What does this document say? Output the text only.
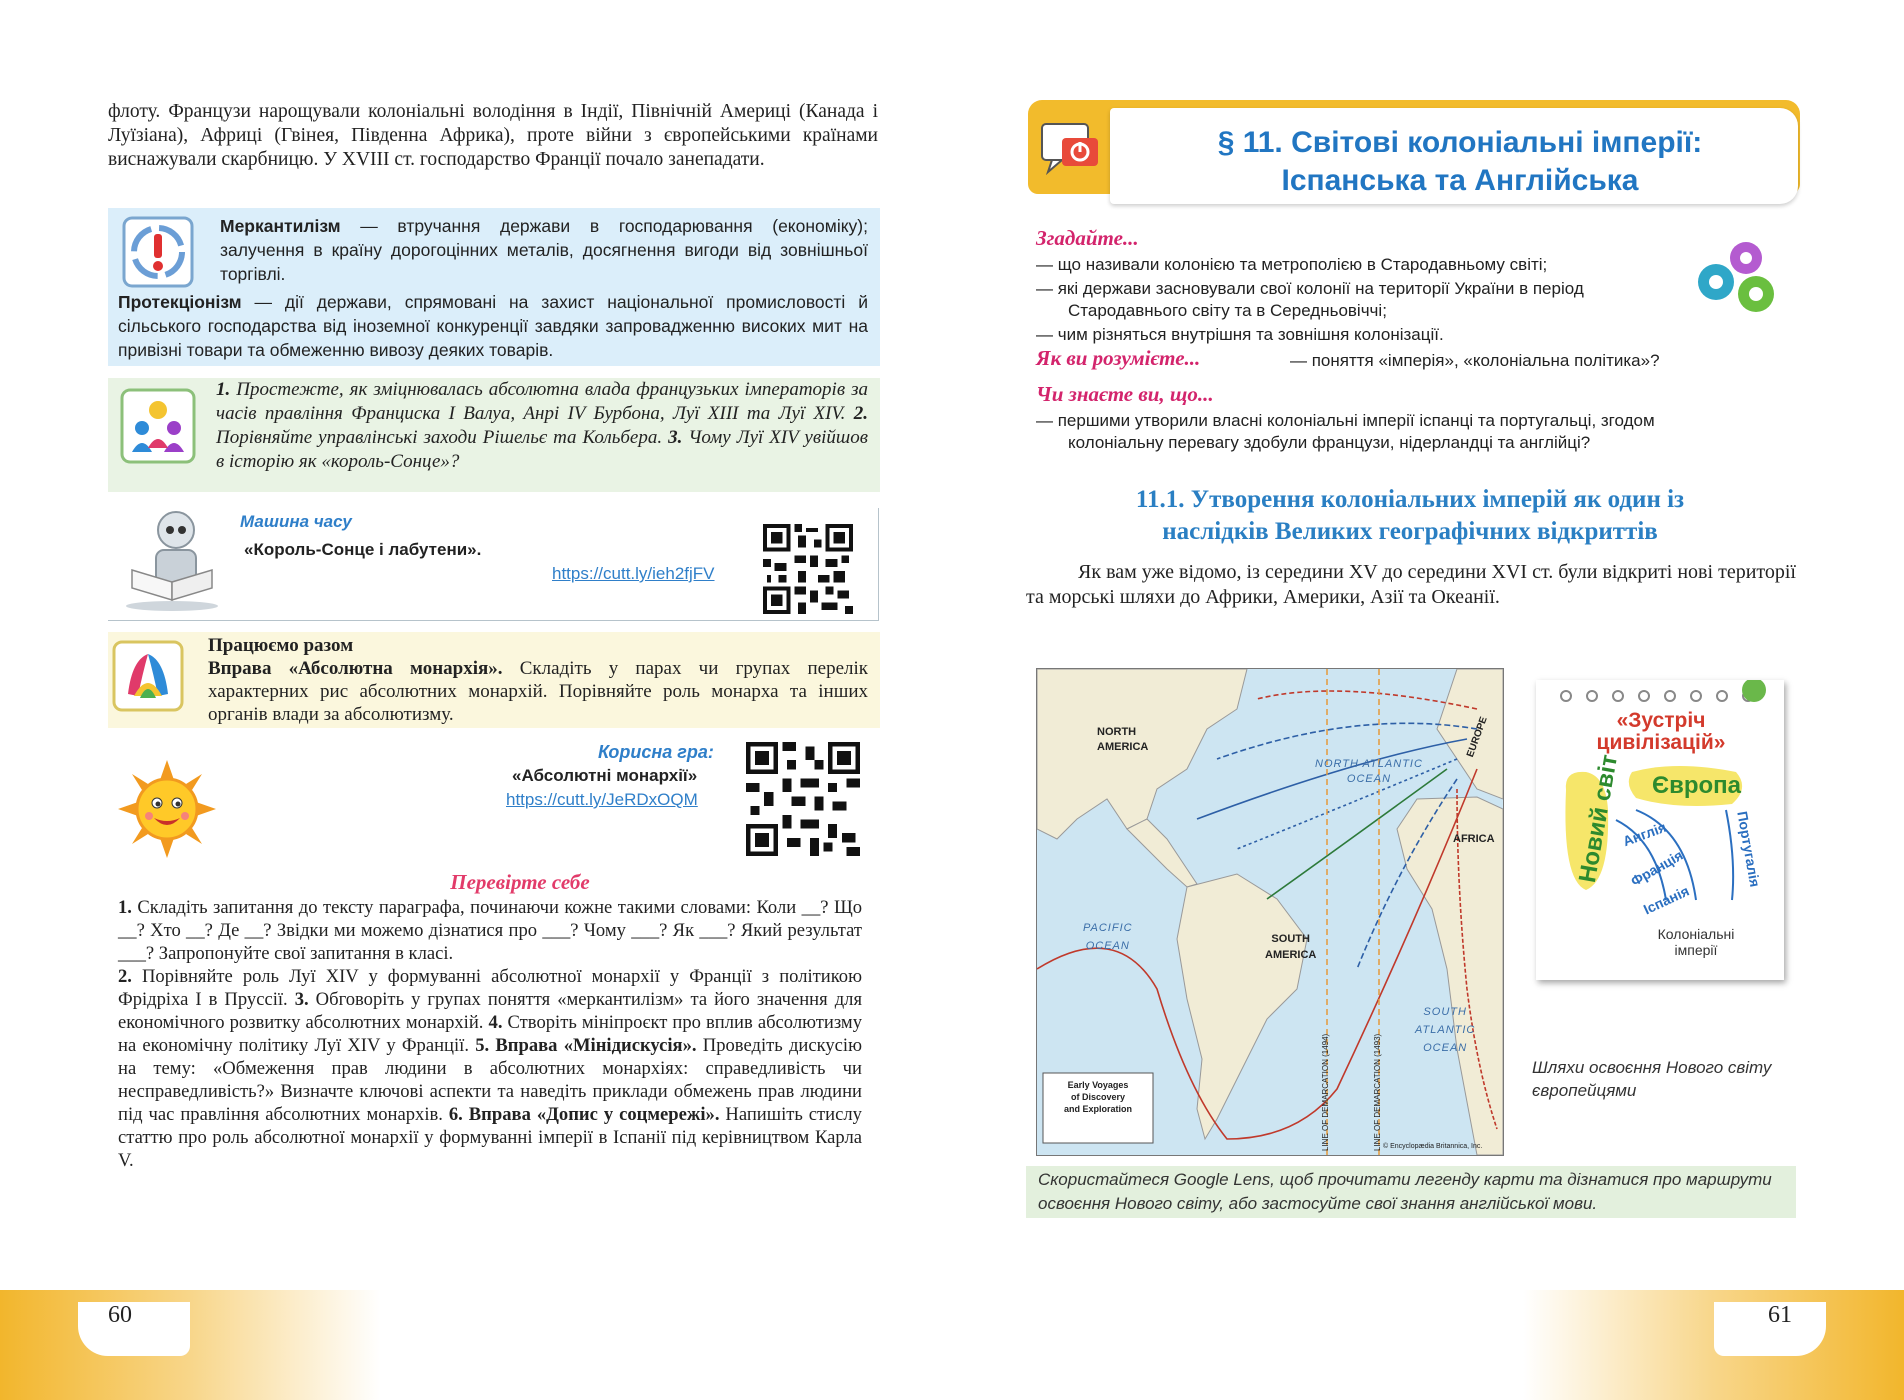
флоту. Французи нарощували колоніальні володіння в Індії, Північній Америці (Канада і Луїзіана), Африці (Гвінея, Південна Африка), проте війни з європейськими країнами виснажували скарбницю. У XVIII ст. господарство Франції почало занепадати.
Меркантилізм — втручання держави в господарювання (економіку); залучення в країну дорогоцінних металів, досягнення вигоди від зовнішньої торгівлі.
Протекціонізм — дії держави, спрямовані на захист національної промисловості й сільського господарства від іноземної конкуренції завдяки запровадженню високих мит на привізні товари та обмеженню вивозу деяких товарів.
1. Простежте, як зміцнювалась абсолютна влада французьких імператорів за часів правління Франциска I Валуа, Анрі IV Бурбона, Луї XIII та Луї XIV. 2. Порівняйте управлінські заходи Рішельє та Кольбера. 3. Чому Луї XIV увійшов в історію як «король-Сонце»?
Машина часу
«Король-Сонце і лабутени».
https://cutt.ly/ieh2fjFV
Працюємо разом
Вправа «Абсолютна монархія». Складіть у парах чи групах перелік характерних рис абсолютних монархій. Порівняйте роль монарха та інших органів влади за абсолютизму.
Корисна гра:
«Абсолютні монархії»
https://cutt.ly/JeRDxOQM
Перевірте себе
1. Складіть запитання до тексту параграфа, починаючи кожне такими словами: Коли __? Що __? Хто __? Де __? Звідки ми можемо дізнатися про ___? Чому ___? Як ___? Який результат ___? Запропонуйте свої запитання в класі.
2. Порівняйте роль Луї XIV у формуванні абсолютної монархії у Франції з політикою Фрідріха I в Пруссії. 3. Обговоріть у групах поняття «меркантилізм» та його значення для економічного розвитку абсолютних монархій. 4. Створіть мініпроєкт про вплив абсолютизму на економічну політику Луї XIV у Франції. 5. Вправа «Мінідискусія». Проведіть дискусію на тему: «Обмеження прав людини в абсолютних монархіях: справедливість чи несправедливість?» Визначте ключові аспекти та наведіть приклади обмежень прав людини під час правління абсолютних монархів. 6. Вправа «Допис у соцмережі». Напишіть стислу статтю про роль абсолютної монархії у формуванні імперії в Іспанії під керівництвом Карла V.
60
§ 11. Світові колоніальні імперії:
Іспанська та Англійська
Згадайте...
— що називали колонією та метрополією в Стародавньому світі;
— які держави засновували свої колонії на території України в період
Стародавнього світу та в Середньовіччі;
— чим різняться внутрішня та зовнішня колонізації.
Як ви розумієте...	— поняття «імперія», «колоніальна політика»?
Чи знаєте ви, що...
— першими утворили власні колоніальні імперії іспанці та португальці, згодом
колоніальну перевагу здобули французи, нідерландці та англійці?
11.1. Утворення колоніальних імперій як один із
наслідків Великих географічних відкриттів
Як вам уже відомо, із середини XV до середини XVI ст. були відкриті нові території та морські шляхи до Африки, Америки, Азії та Океанії.
NORTH
AMERICA
NORTH ATLANTIC
OCEAN
EUROPE
AFRICA
PACIFIC
OCEAN
SOUTH
AMERICA
SOUTH
ATLANTIC
OCEAN
LINE OF DEMARCATION (1494)	LINE OF DEMARCATION (1493)
Early Voyages
of Discovery
and Exploration
© Encyclopædia Britannica, Inc.
«Зустріч цивілізацій»
Новий світ Європа
Англія
Франція
Іспанія
Португалія
Колоніальні імперії
Шляхи освоєння Нового світу європейцями
Скористайтеся Google Lens, щоб прочитати легенду карти та дізнатися про маршрути освоєння Нового світу, або застосуйте свої знання англійської мови.
61
